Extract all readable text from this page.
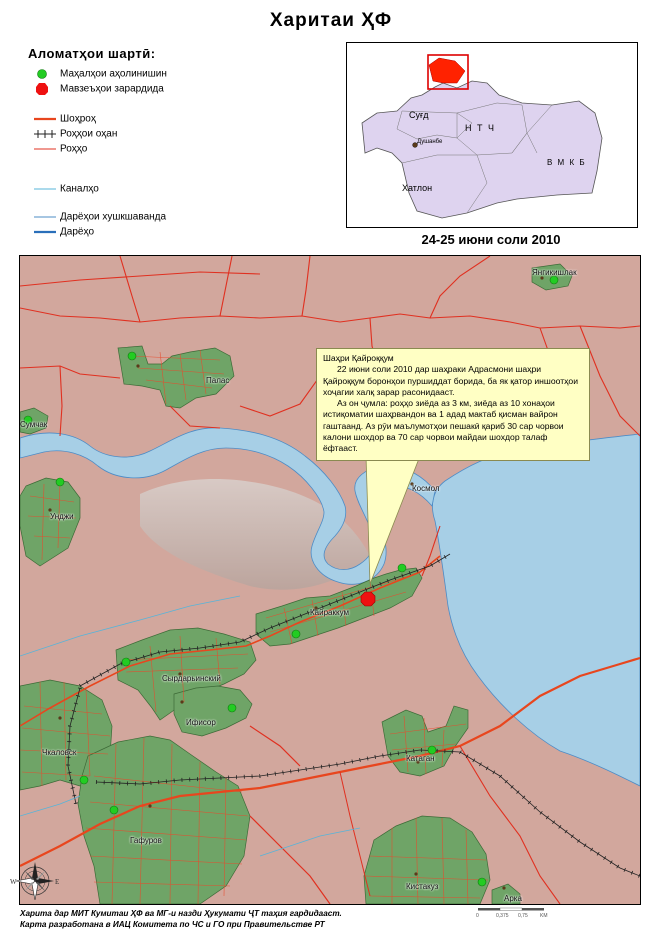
Харитаи ҲФ
Аломатҳои шартӣ:
Маҳалҳои аҳолинишин
Мавзеъҳои зарардида
Шоҳроҳ
Роҳҳои оҳан
Роҳҳо
Каналҳо
Дарёҳои хушкшаванда
Дарёҳо
Суғд
Н Т Ч
Душанбе
В М К Б
Хатлон
24-25 июни соли 2010
Янгикишлак
Палас
Сумчак
Унджи
Космол
Кайраккум
Сырдарьинский
Ифисор
Чкаловск
Катаган
Гафуров
Кистакуз
Арка

Шаҳри Қайроққум

22 июни соли 2010 дар шаҳраки Адрасмони шаҳри Қайроққум боронҳои пуршиддат борида, ба як қатор иншоотҳои хоҷагии халқ зарар расонидааст.

Аз он ҷумла: роҳҳо зиёда аз 3 км, зиёда аз 10 хонаҳои истиқоматии шаҳрвандон ва 1 адад мактаб қисман вайрон гаштаанд. Аз рӯи маълумотҳои пешакӣ қариб 30 сар чорвои калони шохдор ва 70 сар чорвои майдаи шохдор талаф ёфтааст.

W	E
0	0,375 0,75 KM
Харита дар МИТ Кумитаи ҲФ ва МГ-и назди Ҳукумати ҶТ таҳия гардидааст.
Карта разработана в ИАЦ Комитета по ЧС и ГО при Правительстве РТ
